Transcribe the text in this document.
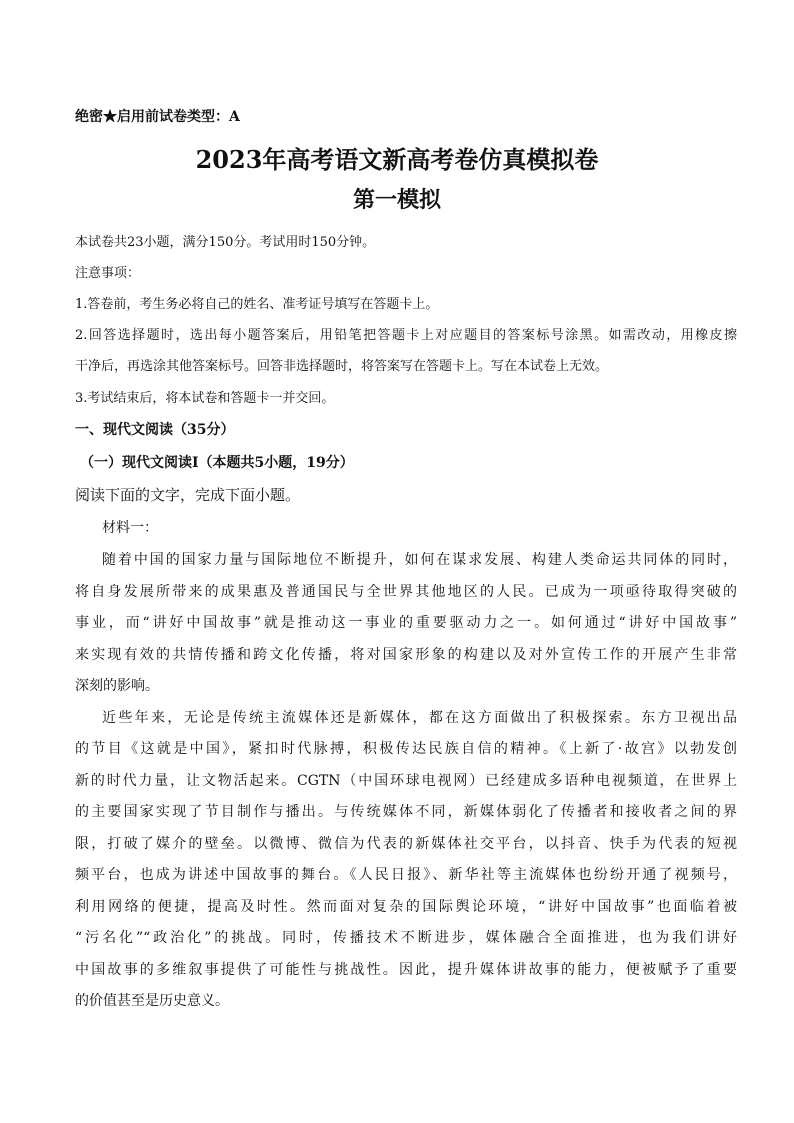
绝密★启用前试卷类型：A
2023年高考语文新高考卷仿真模拟卷
第一模拟
本试卷共23小题，满分150分。考试用时150分钟。
注意事项：
1.答卷前，考生务必将自己的姓名、准考证号填写在答题卡上。
2.回答选择题时，选出每小题答案后，用铅笔把答题卡上对应题目的答案标号涂黑。如需改动，用橡皮擦
干净后，再选涂其他答案标号。回答非选择题时，将答案写在答题卡上。写在本试卷上无效。
3.考试结束后，将本试卷和答题卡一并交回。
一、现代文阅读（35分）
（一）现代文阅读Ⅰ（本题共5小题，19分）
阅读下面的文字，完成下面小题。
材料一：
随着中国的国家力量与国际地位不断提升，如何在谋求发展、构建人类命运共同体的同时，
将自身发展所带来的成果惠及普通国民与全世界其他地区的人民。已成为一项亟待取得突破的
事业，而“讲好中国故事”就是推动这一事业的重要驱动力之一。如何通过“讲好中国故事”
来实现有效的共情传播和跨文化传播，将对国家形象的构建以及对外宣传工作的开展产生非常
深刻的影响。
近些年来，无论是传统主流媒体还是新媒体，都在这方面做出了积极探索。东方卫视出品
的节目《这就是中国》，紧扣时代脉搏，积极传达民族自信的精神。《上新了·故宫》以勃发创
新的时代力量，让文物活起来。CGTN（中国环球电视网）已经建成多语种电视频道，在世界上
的主要国家实现了节目制作与播出。与传统媒体不同，新媒体弱化了传播者和接收者之间的界
限，打破了媒介的壁垒。以微博、微信为代表的新媒体社交平台，以抖音、快手为代表的短视
频平台，也成为讲述中国故事的舞台。《人民日报》、新华社等主流媒体也纷纷开通了视频号，
利用网络的便捷，提高及时性。然而面对复杂的国际舆论环境，“讲好中国故事”也面临着被
“污名化”“政治化”的挑战。同时，传播技术不断进步，媒体融合全面推进，也为我们讲好
中国故事的多维叙事提供了可能性与挑战性。因此，提升媒体讲故事的能力，便被赋予了重要
的价值甚至是历史意义。
